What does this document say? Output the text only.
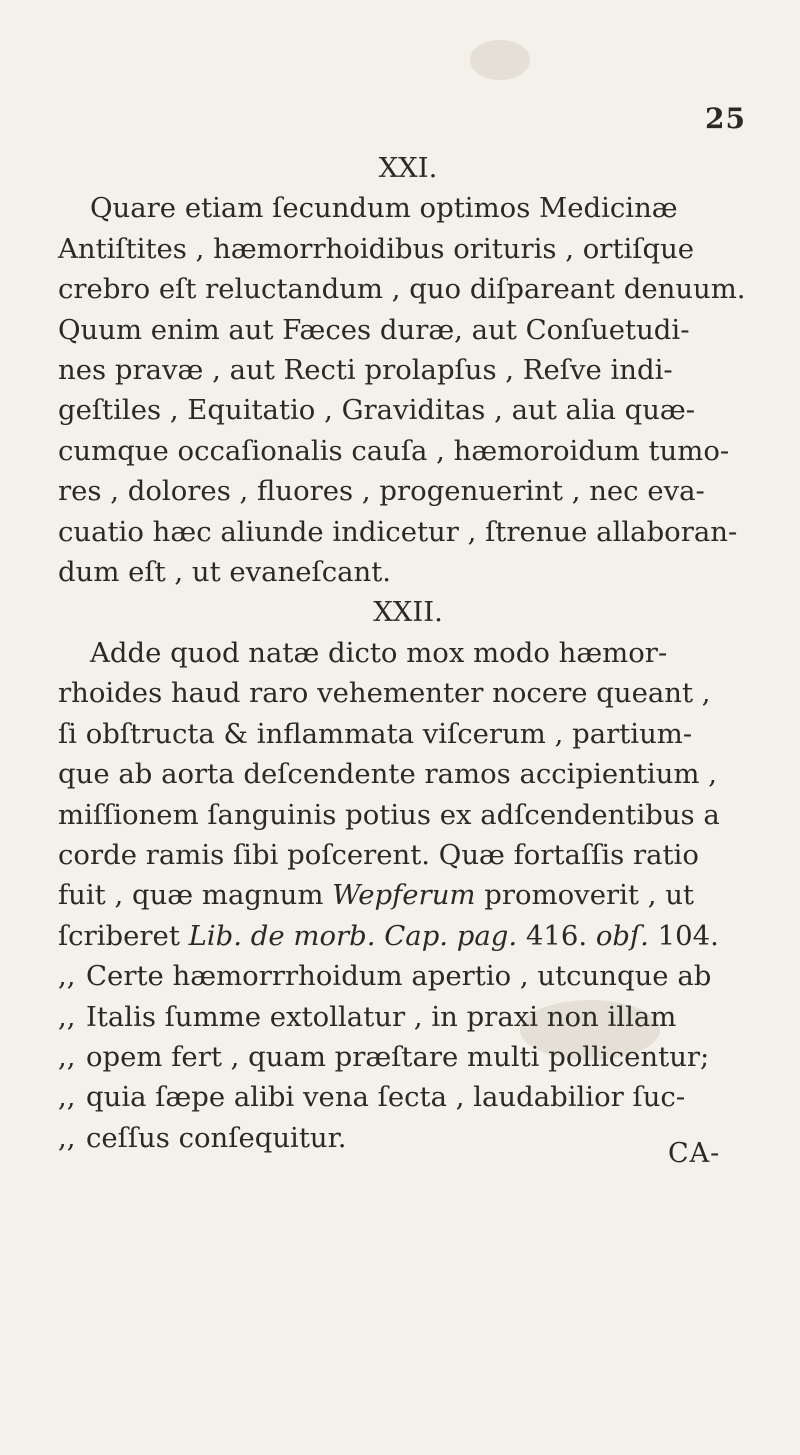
25
XXI.
Quare etiam ſecundum optimos Medicinæ
Antiſtites , hæmorrhoidibus orituris , ortiſque
crebro eſt reluctandum , quo diſpareant denuum.
Quum enim aut Fæces duræ, aut Conſuetudi-
nes pravæ , aut Recti prolapſus , Reſve indi-
geſtiles , Equitatio , Graviditas , aut alia quæ-
cumque occaſionalis cauſa , hæmoroidum tumo-
res , dolores , fluores , progenuerint , nec eva-
cuatio hæc aliunde indicetur , ſtrenue allaboran-
dum eſt , ut evaneſcant.
XXII.
Adde quod natæ dicto mox modo hæmor-
rhoides haud raro vehementer nocere queant ,
ſi obſtructa & inflammata viſcerum , partium-
que ab aorta deſcendente ramos accipientium ,
miſſionem ſanguinis potius ex adſcendentibus a
corde ramis ſibi poſcerent. Quæ fortaſſis ratio
fuit , quæ magnum Wepferum promoverit , ut
ſcriberet Lib. de morb. Cap. pag. 416. obſ. 104.
,, Certe hæmorrrhoidum apertio , utcunque ab
,, Italis ſumme extollatur , in praxi non illam
,, opem fert , quam præſtare multi pollicentur;
,, quia ſæpe alibi vena ſecta , laudabilior ſuc-
,, ceſſus conſequitur.	CA-
